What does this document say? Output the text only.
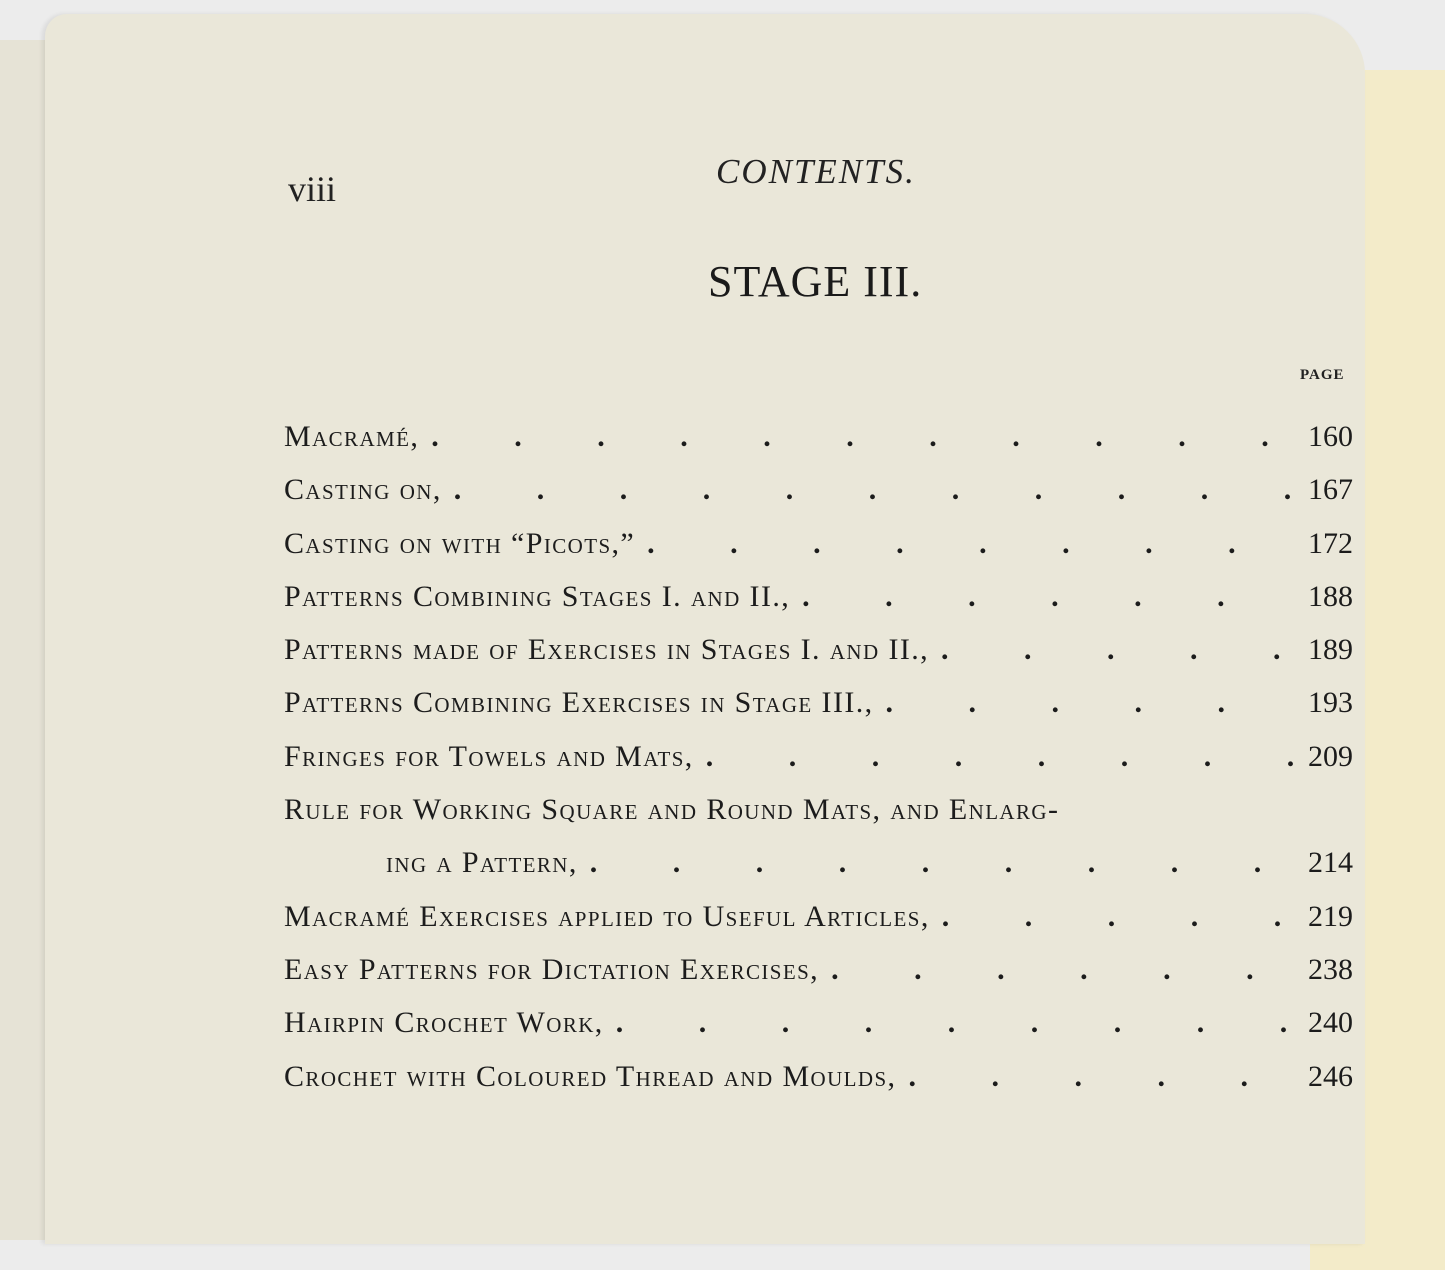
viii	CONTENTS.
STAGE III.
PAGE
Macramé, . . .	160
Casting on, . . .	167
Casting on with “Picots,” . . .	172
Patterns Combining Stages I. and II., . . .	188
Patterns made of Exercises in Stages I. and II., . . .	189
Patterns Combining Exercises in Stage III., . . .	193
Fringes for Towels and Mats, . . .	209
Rule for Working Square and Round Mats, and Enlarg-
ing a Pattern, . . .	214
Macramé Exercises applied to Useful Articles, . . .	219
Easy Patterns for Dictation Exercises, . . .	238
Hairpin Crochet Work, . . .	240
Crochet with Coloured Thread and Moulds, . . .	246
